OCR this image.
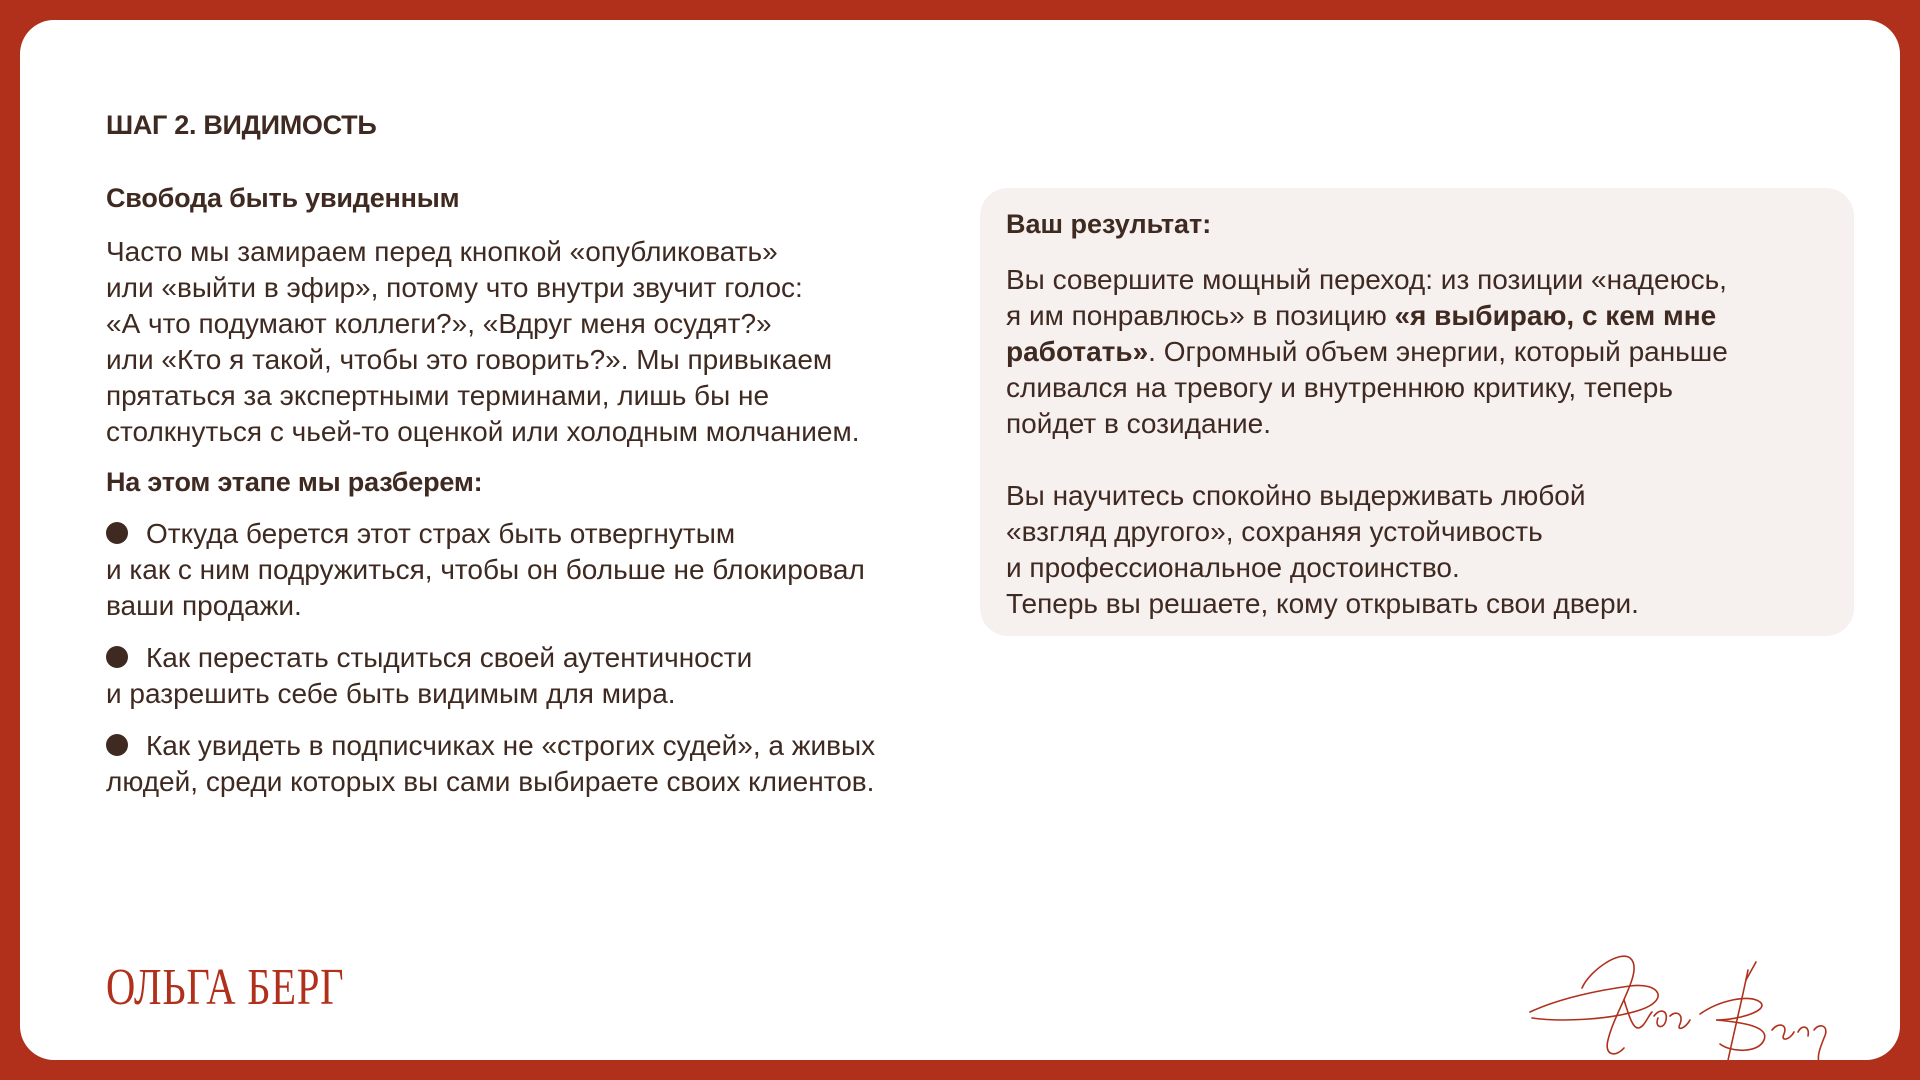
ШАГ 2. ВИДИМОСТЬ
Свобода быть увиденным

Часто мы замираем перед кнопкой «опубликовать»
или «выйти в эфир», потому что внутри звучит голос:
«А что подумают коллеги?», «Вдруг меня осудят?»
или «Кто я такой, чтобы это говорить?». Мы привыкаем
прятаться за экспертными терминами, лишь бы не
столкнуться с чьей-то оценкой или холодным молчанием.

На этом этапе мы разберем:
Откуда берется этот страх быть отвергнутым
и как с ним подружиться, чтобы он больше не блокировал
ваши продажи.
Как перестать стыдиться своей аутентичности
и разрешить себе быть видимым для мира.
Как увидеть в подписчиках не «строгих судей», а живых
людей, среди которых вы сами выбираете своих клиентов.
Ваш результат:

Вы совершите мощный переход: из позиции «надеюсь,
я им понравлюсь» в позицию «я выбираю, с кем мне
работать». Огромный объем энергии, который раньше
сливался на тревогу и внутреннюю критику, теперь
пойдет в созидание.

Вы научитесь спокойно выдерживать любой
«взгляд другого», сохраняя устойчивость
и профессиональное достоинство.
Теперь вы решаете, кому открывать свои двери.

ОЛЬГА БЕРГ
